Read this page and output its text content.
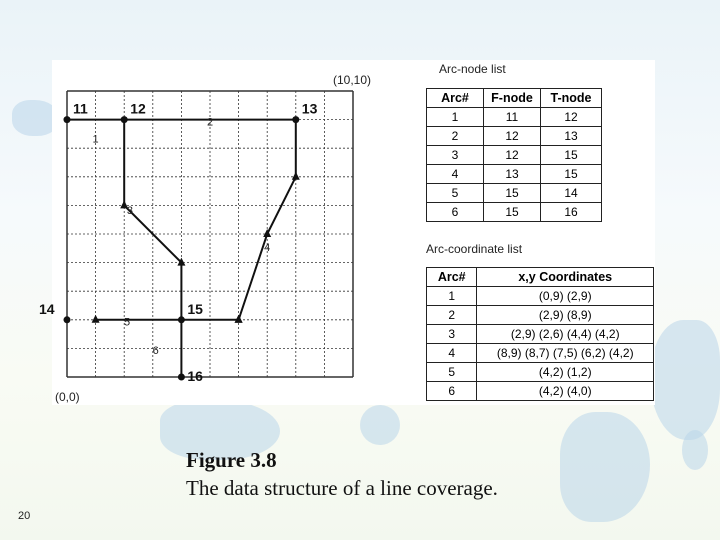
1
2
3
4
5
6
11	12	13
14	15
16
(10,10)
(0,0)
Arc-node list
Arc#	F-node	T-node
1	11	12
2	12	13
3	12	15
4	13	15
5	15	14
6	15	16
Arc-coordinate list
Arc#	x,y Coordinates
1	(0,9) (2,9)
2	(2,9) (8,9)
3	(2,9) (2,6) (4,4) (4,2)
4	(8,9) (8,7) (7,5) (6,2) (4,2)
5	(4,2) (1,2)
6	(4,2) (4,0)
Figure 3.8
The data structure of a line coverage.
20
